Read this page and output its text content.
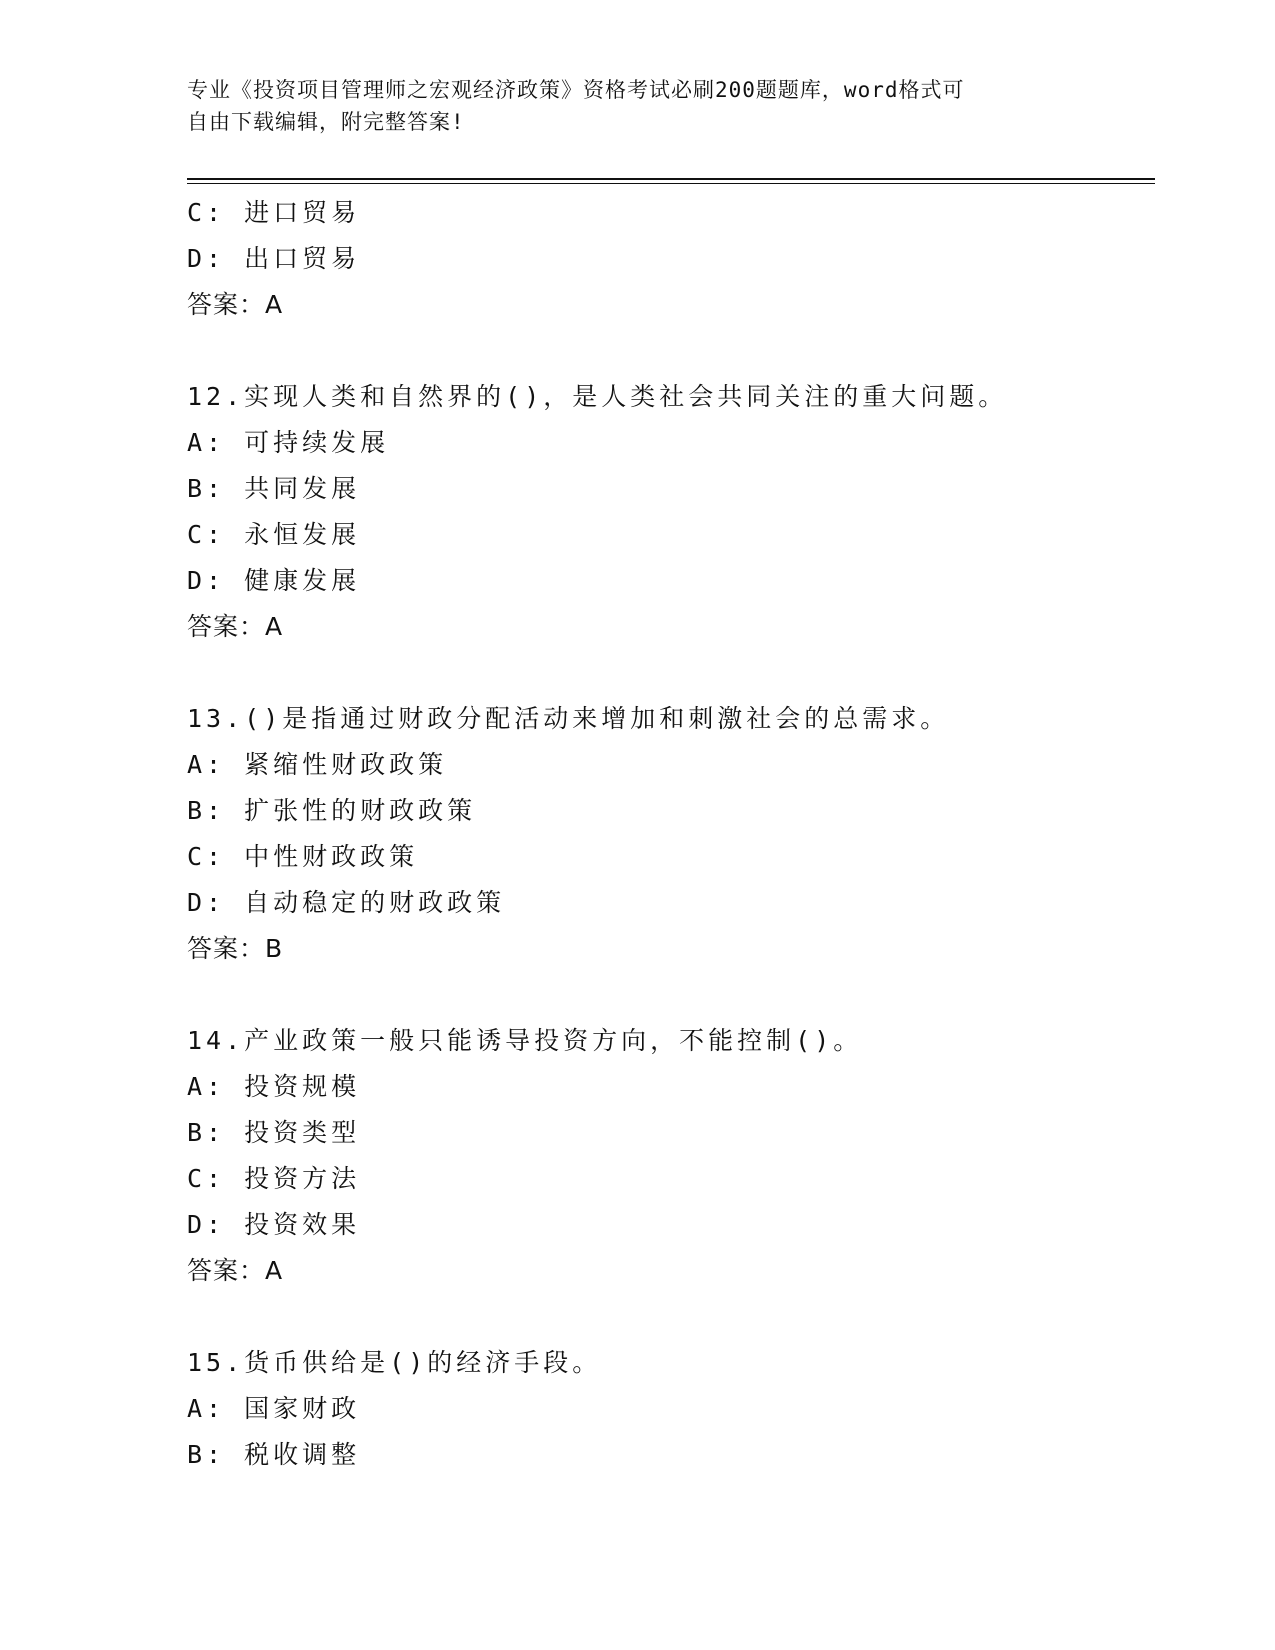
专业《投资项目管理师之宏观经济政策》资格考试必刷200题题库，word格式可
自由下载编辑，附完整答案!
C: 进口贸易
D: 出口贸易
答案：A
12.实现人类和自然界的()，是人类社会共同关注的重大问题。
A: 可持续发展
B: 共同发展
C: 永恒发展
D: 健康发展
答案：A
13.()是指通过财政分配活动来增加和刺激社会的总需求。
A: 紧缩性财政政策
B: 扩张性的财政政策
C: 中性财政政策
D: 自动稳定的财政政策
答案：B
14.产业政策一般只能诱导投资方向，不能控制()。
A: 投资规模
B: 投资类型
C: 投资方法
D: 投资效果
答案：A
15.货币供给是()的经济手段。
A: 国家财政
B: 税收调整
